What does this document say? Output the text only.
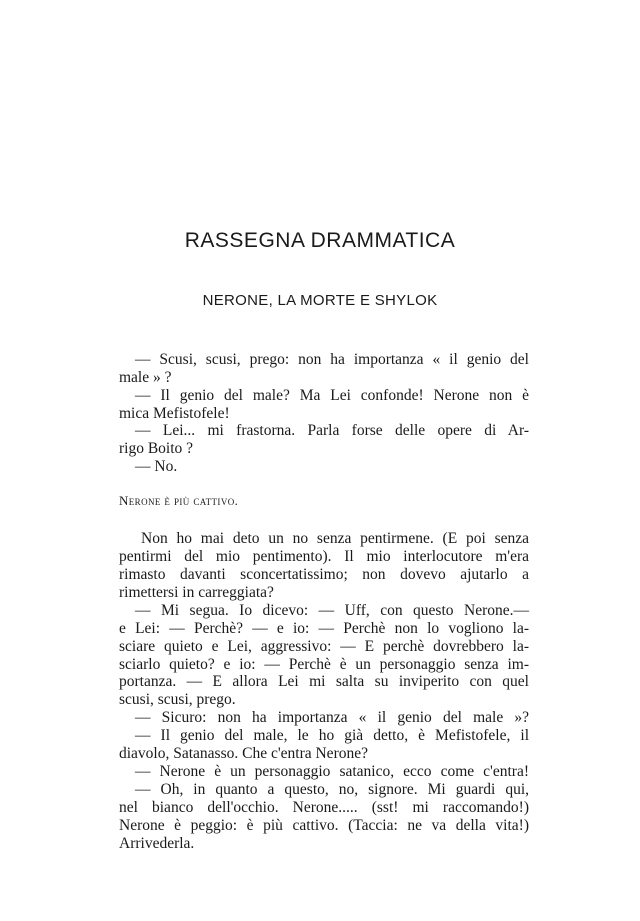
RASSEGNA DRAMMATICA
NERONE, LA MORTE E SHYLOK
— Scusi, scusi, prego: non ha importanza « il genio del
male » ?
— Il genio del male? Ma Lei confonde! Nerone non è
mica Mefistofele!
— Lei... mi frastorna. Parla forse delle opere di Ar-
rigo Boito ?
— No.
Nerone è più cattivo.
Non ho mai deto un no senza pentirmene. (E poi senza
pentirmi del mio pentimento). Il mio interlocutore m'era
rimasto davanti sconcertatissimo; non dovevo ajutarlo a
rimettersi in carreggiata?
— Mi segua. Io dicevo: — Uff, con questo Nerone.—
e Lei: — Perchè? — e io: — Perchè non lo vogliono la-
sciare quieto e Lei, aggressivo: — E perchè dovrebbero la-
sciarlo quieto? e io: — Perchè è un personaggio senza im-
portanza. — E allora Lei mi salta su inviperito con quel
scusi, scusi, prego.
— Sicuro: non ha importanza « il genio del male »?
— Il genio del male, le ho già detto, è Mefistofele, il
diavolo, Satanasso. Che c'entra Nerone?
— Nerone è un personaggio satanico, ecco come c'entra!
— Oh, in quanto a questo, no, signore. Mi guardi qui,
nel bianco dell'occhio. Nerone..... (sst! mi raccomando!)
Nerone è peggio: è più cattivo. (Taccia: ne va della vita!)
Arrivederla.
